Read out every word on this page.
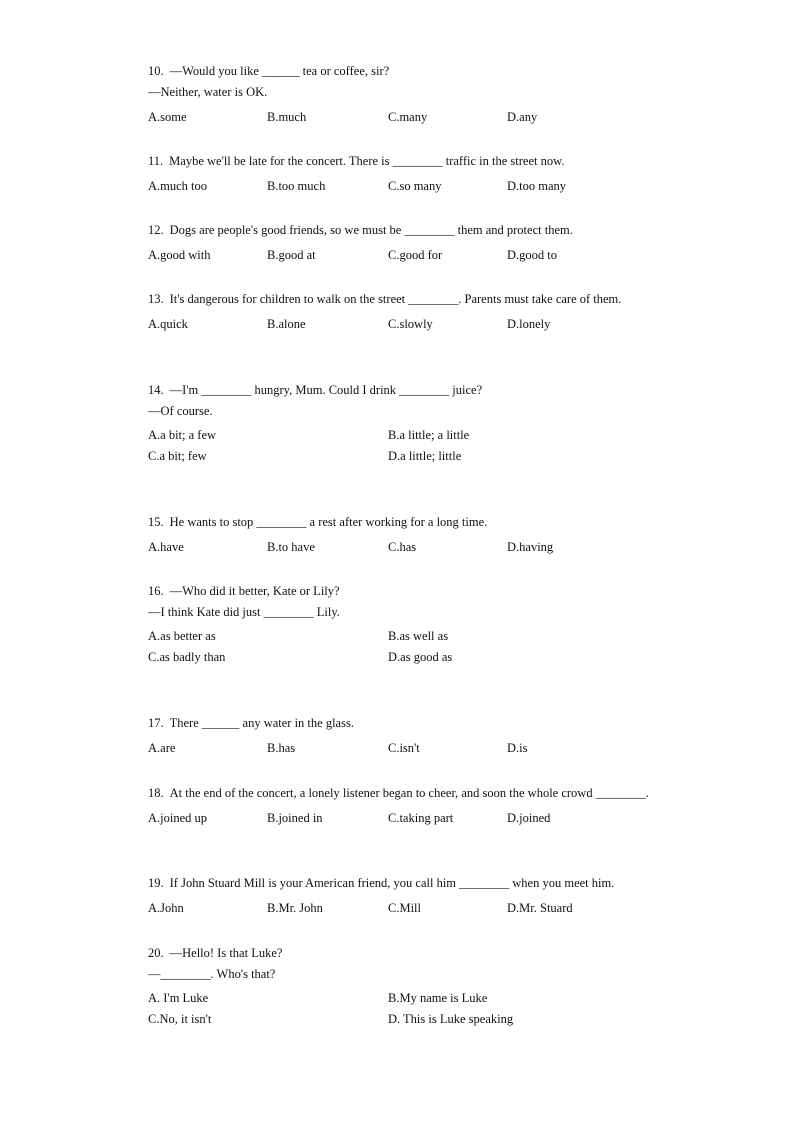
10. —Would you like ______ tea or coffee, sir?
—Neither, water is OK.
A.some	B.much	C.many	D.any
11. Maybe we'll be late for the concert. There is ________ traffic in the street now.
A.much too	B.too much	C.so many	D.too many
12. Dogs are people's good friends, so we must be ________ them and protect them.
A.good with	B.good at	C.good for	D.good to
13. It's dangerous for children to walk on the street ________. Parents must take care of them.
A.quick	B.alone	C.slowly	D.lonely
14. —I'm ________ hungry, Mum. Could I drink ________ juice?
—Of course.
A.a bit; a few	B.a little; a little
C.a bit; few	D.a little; little
15. He wants to stop ________ a rest after working for a long time.
A.have	B.to have	C.has	D.having
16. —Who did it better, Kate or Lily?
—I think Kate did just ________ Lily.
A.as better as	B.as well as
C.as badly than	D.as good as
17. There ______ any water in the glass.
A.are	B.has	C.isn't	D.is
18. At the end of the concert, a lonely listener began to cheer, and soon the whole crowd ________.
A.joined up	B.joined in	C.taking part	D.joined
19. If John Stuard Mill is your American friend, you call him ________ when you meet him.
A.John	B.Mr. John	C.Mill	D.Mr. Stuard
20. —Hello! Is that Luke?
—________. Who's that?
A. I'm Luke	B.My name is Luke
C.No, it isn't	D. This is Luke speaking
